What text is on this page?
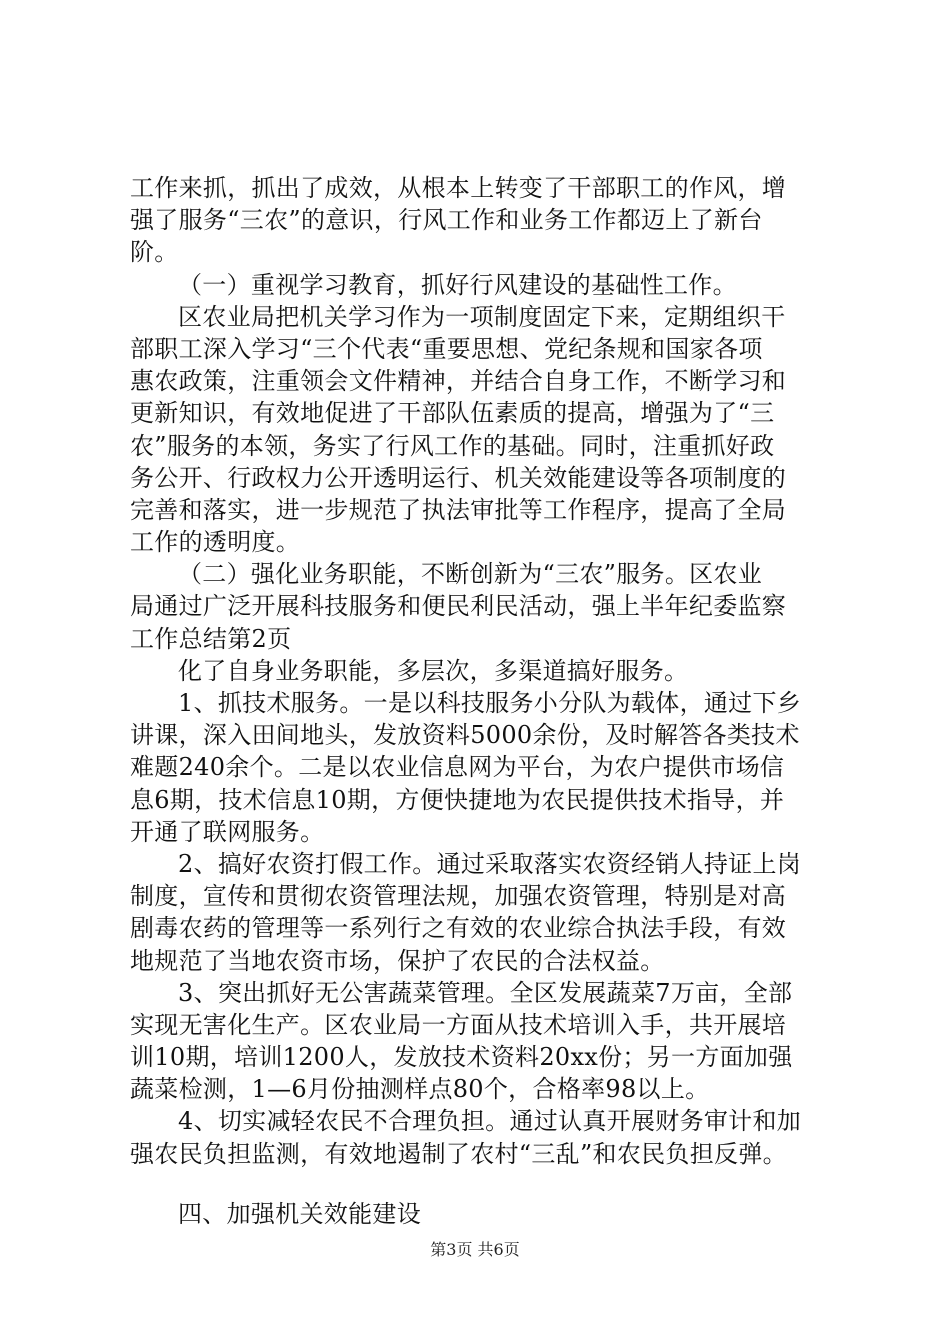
工作来抓，抓出了成效，从根本上转变了干部职工的作风，增
强了服务“三农”的意识，行风工作和业务工作都迈上了新台
阶。
（一）重视学习教育，抓好行风建设的基础性工作。
区农业局把机关学习作为一项制度固定下来，定期组织干
部职工深入学习“三个代表“重要思想、党纪条规和国家各项
惠农政策，注重领会文件精神，并结合自身工作，不断学习和
更新知识，有效地促进了干部队伍素质的提高，增强为了“三
农”服务的本领，务实了行风工作的基础。同时，注重抓好政
务公开、行政权力公开透明运行、机关效能建设等各项制度的
完善和落实，进一步规范了执法审批等工作程序，提高了全局
工作的透明度。
（二）强化业务职能，不断创新为“三农”服务。区农业
局通过广泛开展科技服务和便民利民活动，强上半年纪委监察
工作总结第2页
化了自身业务职能，多层次，多渠道搞好服务。
1、抓技术服务。一是以科技服务小分队为载体，通过下乡
讲课，深入田间地头，发放资料5000余份，及时解答各类技术
难题240余个。二是以农业信息网为平台，为农户提供市场信
息6期，技术信息10期，方便快捷地为农民提供技术指导，并
开通了联网服务。
2、搞好农资打假工作。通过采取落实农资经销人持证上岗
制度，宣传和贯彻农资管理法规，加强农资管理，特别是对高
剧毒农药的管理等一系列行之有效的农业综合执法手段，有效
地规范了当地农资市场，保护了农民的合法权益。
3、突出抓好无公害蔬菜管理。全区发展蔬菜7万亩，全部
实现无害化生产。区农业局一方面从技术培训入手，共开展培
训10期，培训1200人，发放技术资料20xx份；另一方面加强
蔬菜检测，1—6月份抽测样点80个，合格率98以上。
4、切实减轻农民不合理负担。通过认真开展财务审计和加
强农民负担监测，有效地遏制了农村“三乱”和农民负担反弹。
四、加强机关效能建设
第3页 共6页
